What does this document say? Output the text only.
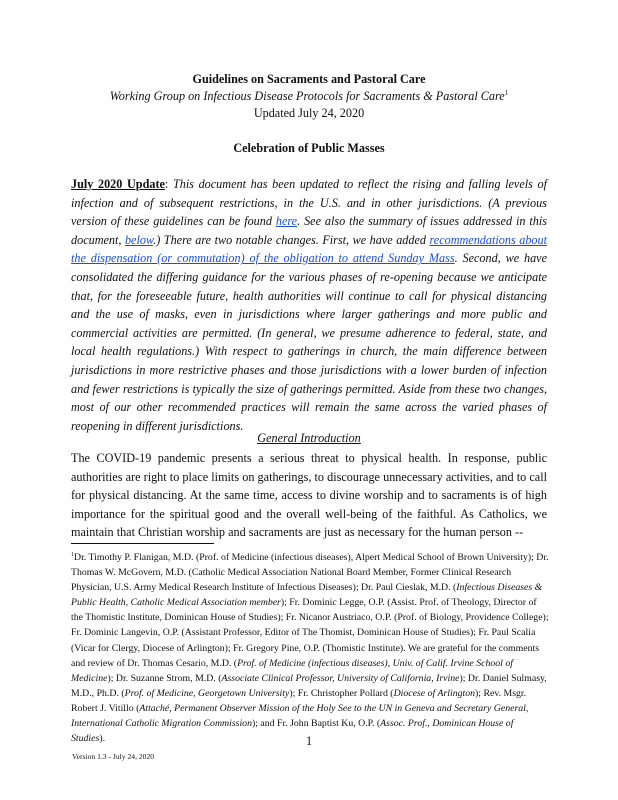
Guidelines on Sacraments and Pastoral Care
Working Group on Infectious Disease Protocols for Sacraments & Pastoral Care$^1$
Updated July 24, 2020
Celebration of Public Masses
July 2020 Update: This document has been updated to reflect the rising and falling levels of infection and of subsequent restrictions, in the U.S. and in other jurisdictions. (A previous version of these guidelines can be found here. See also the summary of issues addressed in this document, below.) There are two notable changes. First, we have added recommendations about the dispensation (or commutation) of the obligation to attend Sunday Mass. Second, we have consolidated the differing guidance for the various phases of re-opening because we anticipate that, for the foreseeable future, health authorities will continue to call for physical distancing and the use of masks, even in jurisdictions where larger gatherings and more public and commercial activities are permitted. (In general, we presume adherence to federal, state, and local health regulations.) With respect to gatherings in church, the main difference between jurisdictions in more restrictive phases and those jurisdictions with a lower burden of infection and fewer restrictions is typically the size of gatherings permitted. Aside from these two changes, most of our other recommended practices will remain the same across the varied phases of reopening in different jurisdictions.
General Introduction
The COVID-19 pandemic presents a serious threat to physical health. In response, public authorities are right to place limits on gatherings, to discourage unnecessary activities, and to call for physical distancing. At the same time, access to divine worship and to sacraments is of high importance for the spiritual good and the overall well-being of the faithful. As Catholics, we maintain that Christian worship and sacraments are just as necessary for the human person --
$^1$Dr. Timothy P. Flanigan, M.D. (Prof. of Medicine (infectious diseases), Alpert Medical School of Brown University); Dr. Thomas W. McGovern, M.D. (Catholic Medical Association National Board Member, Former Clinical Research Physician, U.S. Army Medical Research Institute of Infectious Diseases); Dr. Paul Cieslak, M.D. (Infectious Diseases & Public Health, Catholic Medical Association member); Fr. Dominic Legge, O.P. (Assist. Prof. of Theology, Director of the Thomistic Institute, Dominican House of Studies); Fr. Nicanor Austriaco, O.P. (Prof. of Biology, Providence College); Fr. Dominic Langevin, O.P. (Assistant Professor, Editor of The Thomist, Dominican House of Studies); Fr. Paul Scalia (Vicar for Clergy, Diocese of Arlington); Fr. Gregory Pine, O.P. (Thomistic Institute). We are grateful for the comments and review of Dr. Thomas Cesario, M.D. (Prof. of Medicine (infectious diseases), Univ. of Calif. Irvine School of Medicine); Dr. Suzanne Strom, M.D. (Associate Clinical Professor, University of California, Irvine); Dr. Daniel Sulmasy, M.D., Ph.D. (Prof. of Medicine, Georgetown University); Fr. Christopher Pollard (Diocese of Arlington); Rev. Msgr. Robert J. Vitillo (Attaché, Permanent Observer Mission of the Holy See to the UN in Geneva and Secretary General, International Catholic Migration Commission); and Fr. John Baptist Ku, O.P. (Assoc. Prof., Dominican House of Studies).	1
Version 1.3 - July 24, 2020
